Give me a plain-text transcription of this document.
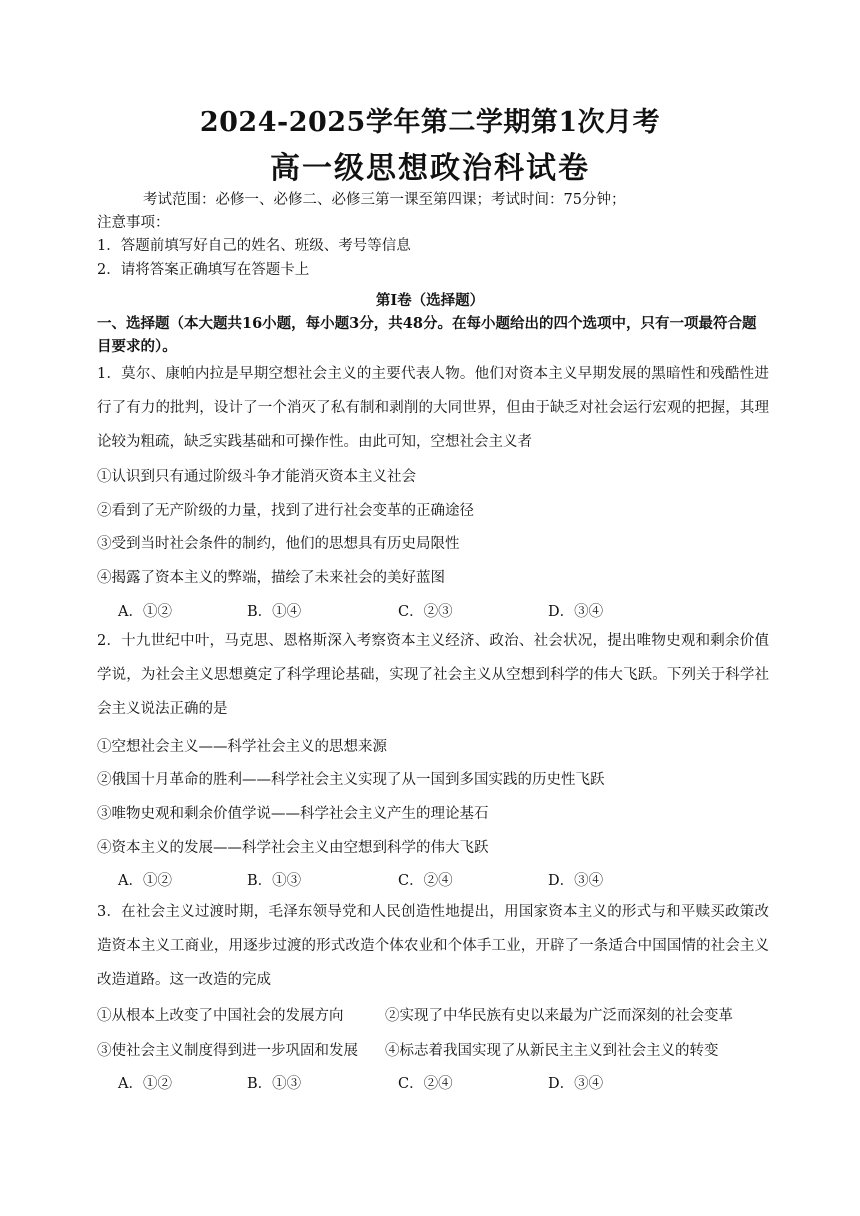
2024-2025学年第二学期第1次月考
高一级思想政治科试卷
考试范围：必修一、必修二、必修三第一课至第四课；考试时间：75分钟；
注意事项：
1．答题前填写好自己的姓名、班级、考号等信息
2．请将答案正确填写在答题卡上
第Ⅰ卷（选择题）
一、选择题（本大题共16小题，每小题3分，共48分。在每小题给出的四个选项中，只有一项最符合题目要求的）。
1．莫尔、康帕内拉是早期空想社会主义的主要代表人物。他们对资本主义早期发展的黑暗性和残酷性进行了有力的批判，设计了一个消灭了私有制和剥削的大同世界，但由于缺乏对社会运行宏观的把握，其理论较为粗疏，缺乏实践基础和可操作性。由此可知，空想社会主义者
①认识到只有通过阶级斗争才能消灭资本主义社会
②看到了无产阶级的力量，找到了进行社会变革的正确途径
③受到当时社会条件的制约，他们的思想具有历史局限性
④揭露了资本主义的弊端，描绘了未来社会的美好蓝图
A．①②	B．①④	C．②③	D．③④
2．十九世纪中叶，马克思、恩格斯深入考察资本主义经济、政治、社会状况，提出唯物史观和剩余价值学说，为社会主义思想奠定了科学理论基础，实现了社会主义从空想到科学的伟大飞跃。下列关于科学社会主义说法正确的是
①空想社会主义——科学社会主义的思想来源
②俄国十月革命的胜利——科学社会主义实现了从一国到多国实践的历史性飞跃
③唯物史观和剩余价值学说——科学社会主义产生的理论基石
④资本主义的发展——科学社会主义由空想到科学的伟大飞跃
A．①②	B．①③	C．②④	D．③④
3．在社会主义过渡时期，毛泽东领导党和人民创造性地提出，用国家资本主义的形式与和平赎买政策改造资本主义工商业，用逐步过渡的形式改造个体农业和个体手工业，开辟了一条适合中国国情的社会主义改造道路。这一改造的完成
①从根本上改变了中国社会的发展方向	②实现了中华民族有史以来最为广泛而深刻的社会变革
③使社会主义制度得到进一步巩固和发展 ④标志着我国实现了从新民主主义到社会主义的转变
A．①②	B．①③	C．②④	D．③④
